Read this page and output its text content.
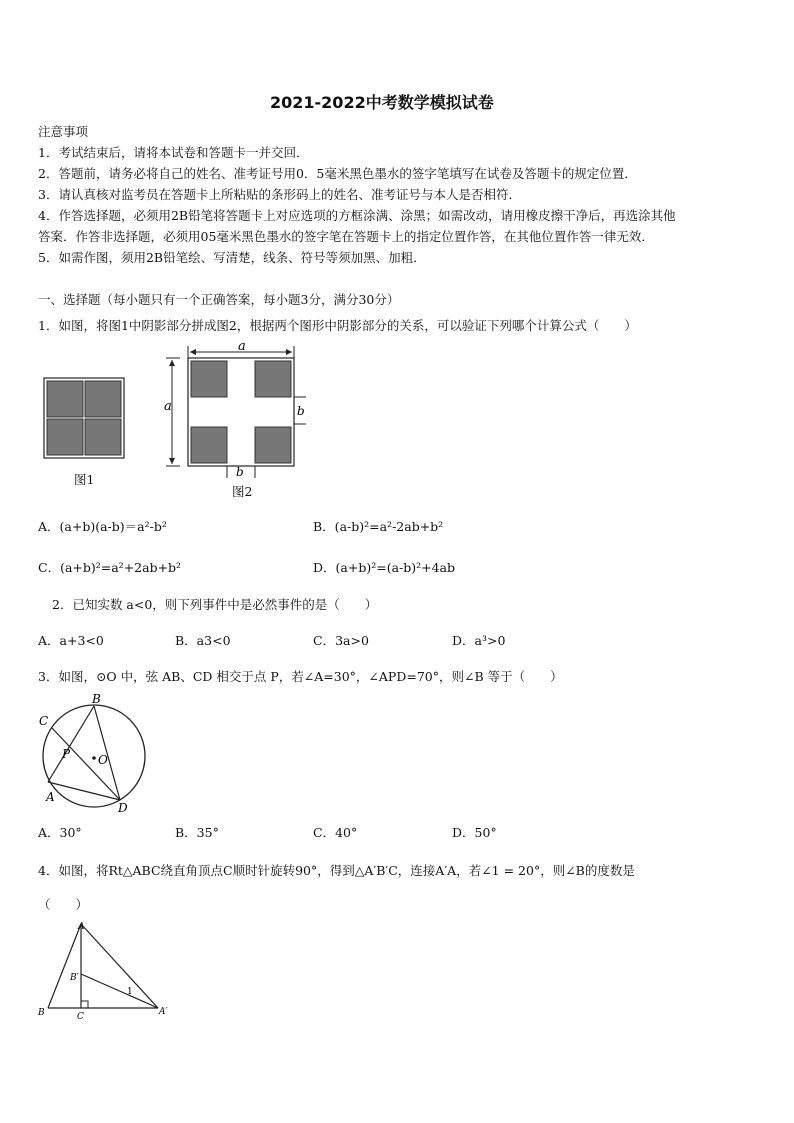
2021-2022中考数学模拟试卷
注意事项
1．考试结束后，请将本试卷和答题卡一并交回．
2．答题前，请务必将自己的姓名、准考证号用0．5毫米黑色墨水的签字笔填写在试卷及答题卡的规定位置．
3．请认真核对监考员在答题卡上所粘贴的条形码上的姓名、准考证号与本人是否相符．
4．作答选择题，必须用2B铅笔将答题卡上对应选项的方框涂满、涂黑；如需改动，请用橡皮擦干净后，再选涂其他
答案．作答非选择题，必须用05毫米黑色墨水的签字笔在答题卡上的指定位置作答，在其他位置作答一律无效．
5．如需作图，须用2B铅笔绘、写清楚，线条、符号等须加黑、加粗．
一、选择题（每小题只有一个正确答案，每小题3分，满分30分）
1．如图，将图1中阴影部分拼成图2，根据两个图形中阴影部分的关系，可以验证下列哪个计算公式（　　）
图1
a
a	b
b
图2
A．(a+b)(a-b)＝a²-b²	B．(a-b)²=a²-2ab+b²
C．(a+b)²=a²+2ab+b²	D．(a+b)²=(a-b)²+4ab
2．已知实数 a<0，则下列事件中是必然事件的是（　　）
A．a+3<0	B．a3<0	C．3a>0	D．a³>0
3．如图，⊙O 中，弦 AB、CD 相交于点 P，若∠A=30°，∠APD=70°，则∠B 等于（　　）
B
C
P O
A
D
A．30°	B．35°	C．40°	D．50°
4．如图，将Rt△ABC绕直角顶点C顺时针旋转90°，得到△A′B′C，连接A′A，若∠1 = 20°，则∠B的度数是
（　　）
A
B′
1
B	C	A′
